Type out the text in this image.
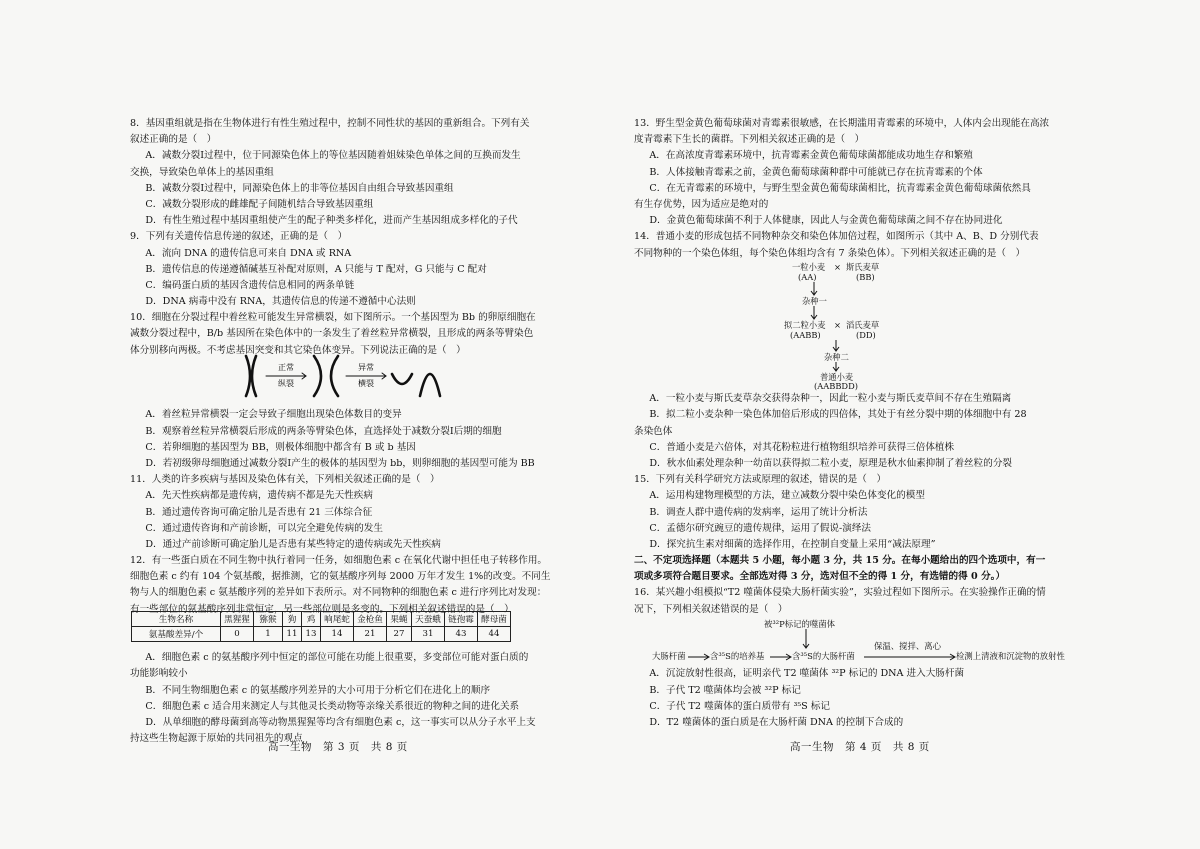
8．基因重组就是指在生物体进行有性生殖过程中，控制不同性状的基因的重新组合。下列有关
叙述正确的是（　）
A．减数分裂Ⅰ过程中，位于同源染色体上的等位基因随着姐妹染色单体之间的互换而发生
交换，导致染色单体上的基因重组
B．减数分裂Ⅰ过程中，同源染色体上的非等位基因自由组合导致基因重组
C．减数分裂形成的雌雄配子间随机结合导致基因重组
D．有性生殖过程中基因重组使产生的配子种类多样化，进而产生基因组成多样化的子代
9．下列有关遗传信息传递的叙述，正确的是（　）
A．流向 DNA 的遗传信息可来自 DNA 或 RNA
B．遗传信息的传递遵循碱基互补配对原则，A 只能与 T 配对，G 只能与 C 配对
C．编码蛋白质的基因含遗传信息相同的两条单链
D．DNA 病毒中没有 RNA，其遗传信息的传递不遵循中心法则
10．细胞在分裂过程中着丝粒可能发生异常横裂，如下图所示。一个基因型为 Bb 的卵原细胞在
减数分裂过程中，B/b 基因所在染色体中的一条发生了着丝粒异常横裂，且形成的两条等臂染色
体分别移向两极。不考虑基因突变和其它染色体变异。下列说法正确的是（　）
A．着丝粒异常横裂一定会导致子细胞出现染色体数目的变异
B．观察着丝粒异常横裂后形成的两条等臂染色体，直选择处于减数分裂Ⅰ后期的细胞
C．若卵细胞的基因型为 BB，则极体细胞中都含有 B 或 b 基因
D．若初级卵母细胞通过减数分裂Ⅰ产生的极体的基因型为 bb，则卵细胞的基因型可能为 BB
11．人类的许多疾病与基因及染色体有关，下列相关叙述正确的是（　）
A．先天性疾病都是遗传病，遗传病不都是先天性疾病
B．通过遗传咨询可确定胎儿是否患有 21 三体综合征
C．通过遗传咨询和产前诊断，可以完全避免传病的发生
D．通过产前诊断可确定胎儿是否患有某些特定的遗传病或先天性疾病
12．有一些蛋白质在不同生物中执行着同一任务，如细胞色素 c 在氧化代谢中担任电子转移作用。
细胞色素 c 约有 104 个氨基酸，据推测，它的氨基酸序列每 2000 万年才发生 1%的改变。不同生
物与人的细胞色素 c 氨基酸序列的差异如下表所示。对不同物种的细胞色素 c 进行序列比对发现：
有一些部位的氨基酸序列非常恒定，另一些部位则是多变的。下列相关叙述错误的是（　）
A．细胞色素 c 的氨基酸序列中恒定的部位可能在功能上很重要，多变部位可能对蛋白质的
功能影响较小
B．不同生物细胞色素 c 的氨基酸序列差异的大小可用于分析它们在进化上的顺序
C．细胞色素 c 适合用来测定人与其他灵长类动物等亲缘关系很近的物种之间的进化关系
D．从单细胞的酵母菌到高等动物黑猩猩等均含有细胞色素 c，这一事实可以从分子水平上支
持这些生物起源于原始的共同祖先的观点
13．野生型金黄色葡萄球菌对青霉素很敏感，在长期滥用青霉素的环境中，人体内会出现能在高浓
度青霉素下生长的菌群。下列相关叙述正确的是（　）
A．在高浓度青霉素环境中，抗青霉素金黄色葡萄球菌都能成功地生存和繁殖
B．人体接触青霉素之前，金黄色葡萄球菌种群中可能就已存在抗青霉素的个体
C．在无青霉素的环境中，与野生型金黄色葡萄球菌相比，抗青霉素金黄色葡萄球菌依然具
有生存优势，因为适应是绝对的
D．金黄色葡萄球菌不利于人体健康，因此人与金黄色葡萄球菌之间不存在协同进化
14．普通小麦的形成包括不同物种杂交和染色体加倍过程，如图所示（其中 A、B、D 分别代表
不同物种的一个染色体组，每个染色体组均含有 7 条染色体）。下列相关叙述正确的是（　）
A．一粒小麦与斯氏麦草杂交获得杂种一，因此一粒小麦与斯氏麦草间不存在生殖隔离
B．拟二粒小麦杂种一染色体加倍后形成的四倍体，其处于有丝分裂中期的体细胞中有 28
条染色体
C．普通小麦是六倍体，对其花粉粒进行植物组织培养可获得三倍体植株
D．秋水仙素处理杂种一幼苗以获得拟二粒小麦，原理是秋水仙素抑制了着丝粒的分裂
15．下列有关科学研究方法或原理的叙述，错误的是（　）
A．运用构建物理模型的方法，建立减数分裂中染色体变化的模型
B．调查人群中遗传病的发病率，运用了统计分析法
C．孟德尔研究豌豆的遗传规律，运用了假说-演绎法
D．探究抗生素对细菌的选择作用，在控制自变量上采用“减法原理”
二、不定项选择题（本题共 5 小题，每小题 3 分，共 15 分。在每小题给出的四个选项中，有一
项或多项符合题目要求。全部选对得 3 分，选对但不全的得 1 分，有选错的得 0 分。）
16．某兴趣小组模拟“T2 噬菌体侵染大肠杆菌实验”，实验过程如下图所示。在实验操作正确的情
况下，下列相关叙述错误的是（　）
A．沉淀放射性很高，证明亲代 T2 噬菌体 ³²P 标记的 DNA 进入大肠杆菌
B．子代 T2 噬菌体均会被 ³²P 标记
C．子代 T2 噬菌体的蛋白质带有 ³⁵S 标记
D．T2 噬菌体的蛋白质是在大肠杆菌 DNA 的控制下合成的
正常
纵裂
异常
横裂
生物名称	黑猩猩	猕猴	狗	鸡	响尾蛇	金枪鱼	果蝇	天蚕蛾	链孢霉	酵母菌
氨基酸差异/个	0	1	11	13	14	21	27	31	43	44
一粒小麦 × 斯氏麦草
(AA)	(BB)
杂种一
拟二粒小麦 × 滔氏麦草
(AABB)	(DD)
杂种二
普通小麦
(AABBDD)
被³²P标记的噬菌体
大肠杆菌	含³⁵S的培养基	含³⁵S的大肠杆菌
保温、搅拌、离心
检测上清液和沉淀物的放射性
高一生物　第 3 页　共 8 页	高一生物　第 4 页　共 8 页
